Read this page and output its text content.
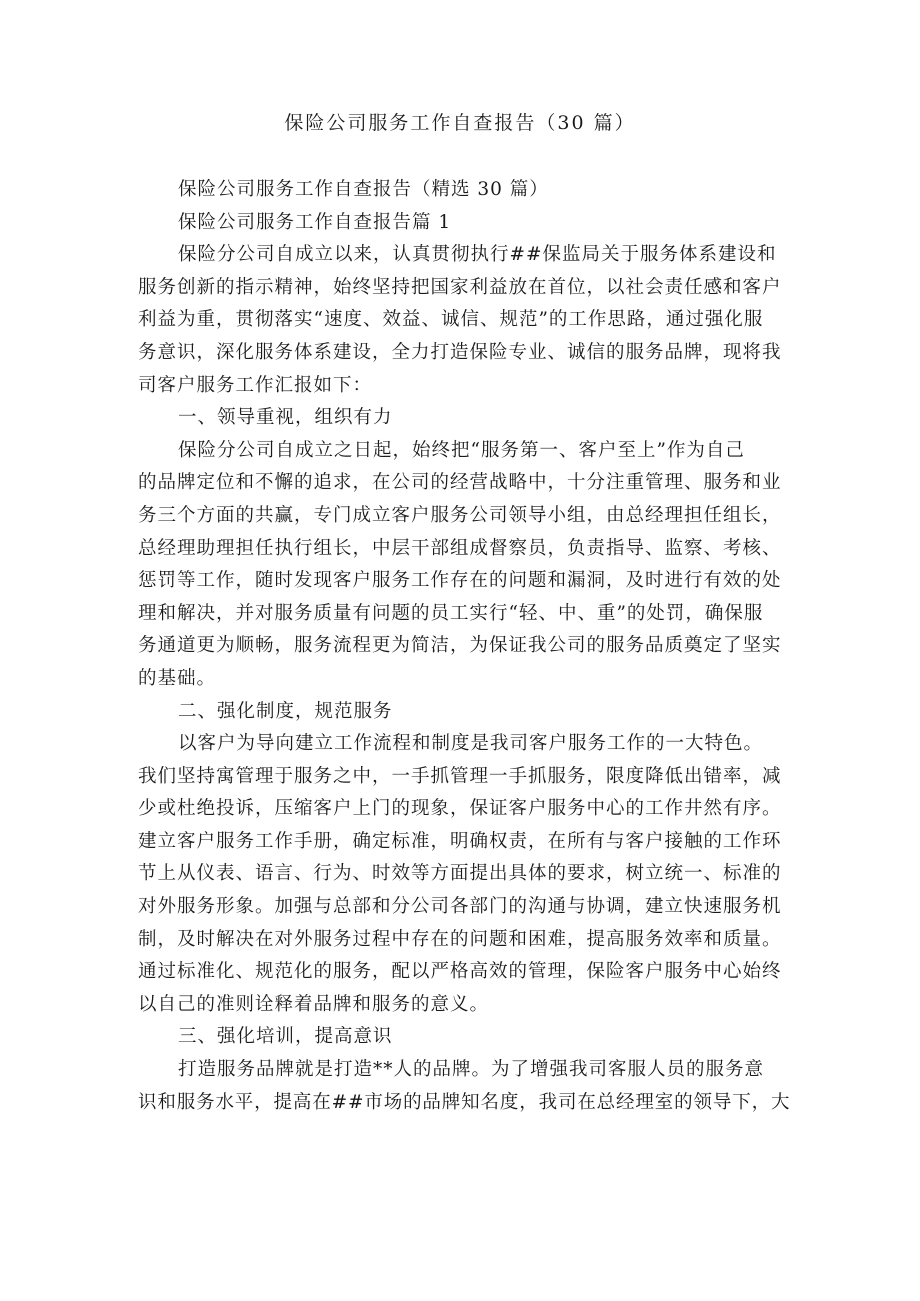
保险公司服务工作自查报告（30 篇）
保险公司服务工作自查报告（精选 30 篇）
保险公司服务工作自查报告篇 1
保险分公司自成立以来，认真贯彻执行##保监局关于服务体系建设和
服务创新的指示精神，始终坚持把国家利益放在首位，以社会责任感和客户
利益为重，贯彻落实“速度、效益、诚信、规范”的工作思路，通过强化服
务意识，深化服务体系建设，全力打造保险专业、诚信的服务品牌，现将我
司客户服务工作汇报如下：
一、领导重视，组织有力
保险分公司自成立之日起，始终把“服务第一、客户至上”作为自己
的品牌定位和不懈的追求，在公司的经营战略中，十分注重管理、服务和业
务三个方面的共赢，专门成立客户服务公司领导小组，由总经理担任组长，
总经理助理担任执行组长，中层干部组成督察员，负责指导、监察、考核、
惩罚等工作，随时发现客户服务工作存在的问题和漏洞，及时进行有效的处
理和解决，并对服务质量有问题的员工实行“轻、中、重”的处罚，确保服
务通道更为顺畅，服务流程更为简洁，为保证我公司的服务品质奠定了坚实
的基础。
二、强化制度，规范服务
以客户为导向建立工作流程和制度是我司客户服务工作的一大特色。
我们坚持寓管理于服务之中，一手抓管理一手抓服务，限度降低出错率，减
少或杜绝投诉，压缩客户上门的现象，保证客户服务中心的工作井然有序。
建立客户服务工作手册，确定标准，明确权责，在所有与客户接触的工作环
节上从仪表、语言、行为、时效等方面提出具体的要求，树立统一、标准的
对外服务形象。加强与总部和分公司各部门的沟通与协调，建立快速服务机
制，及时解决在对外服务过程中存在的问题和困难，提高服务效率和质量。
通过标准化、规范化的服务，配以严格高效的管理，保险客户服务中心始终
以自己的准则诠释着品牌和服务的意义。
三、强化培训，提高意识
打造服务品牌就是打造**人的品牌。为了增强我司客服人员的服务意
识和服务水平，提高在##市场的品牌知名度，我司在总经理室的领导下，大
